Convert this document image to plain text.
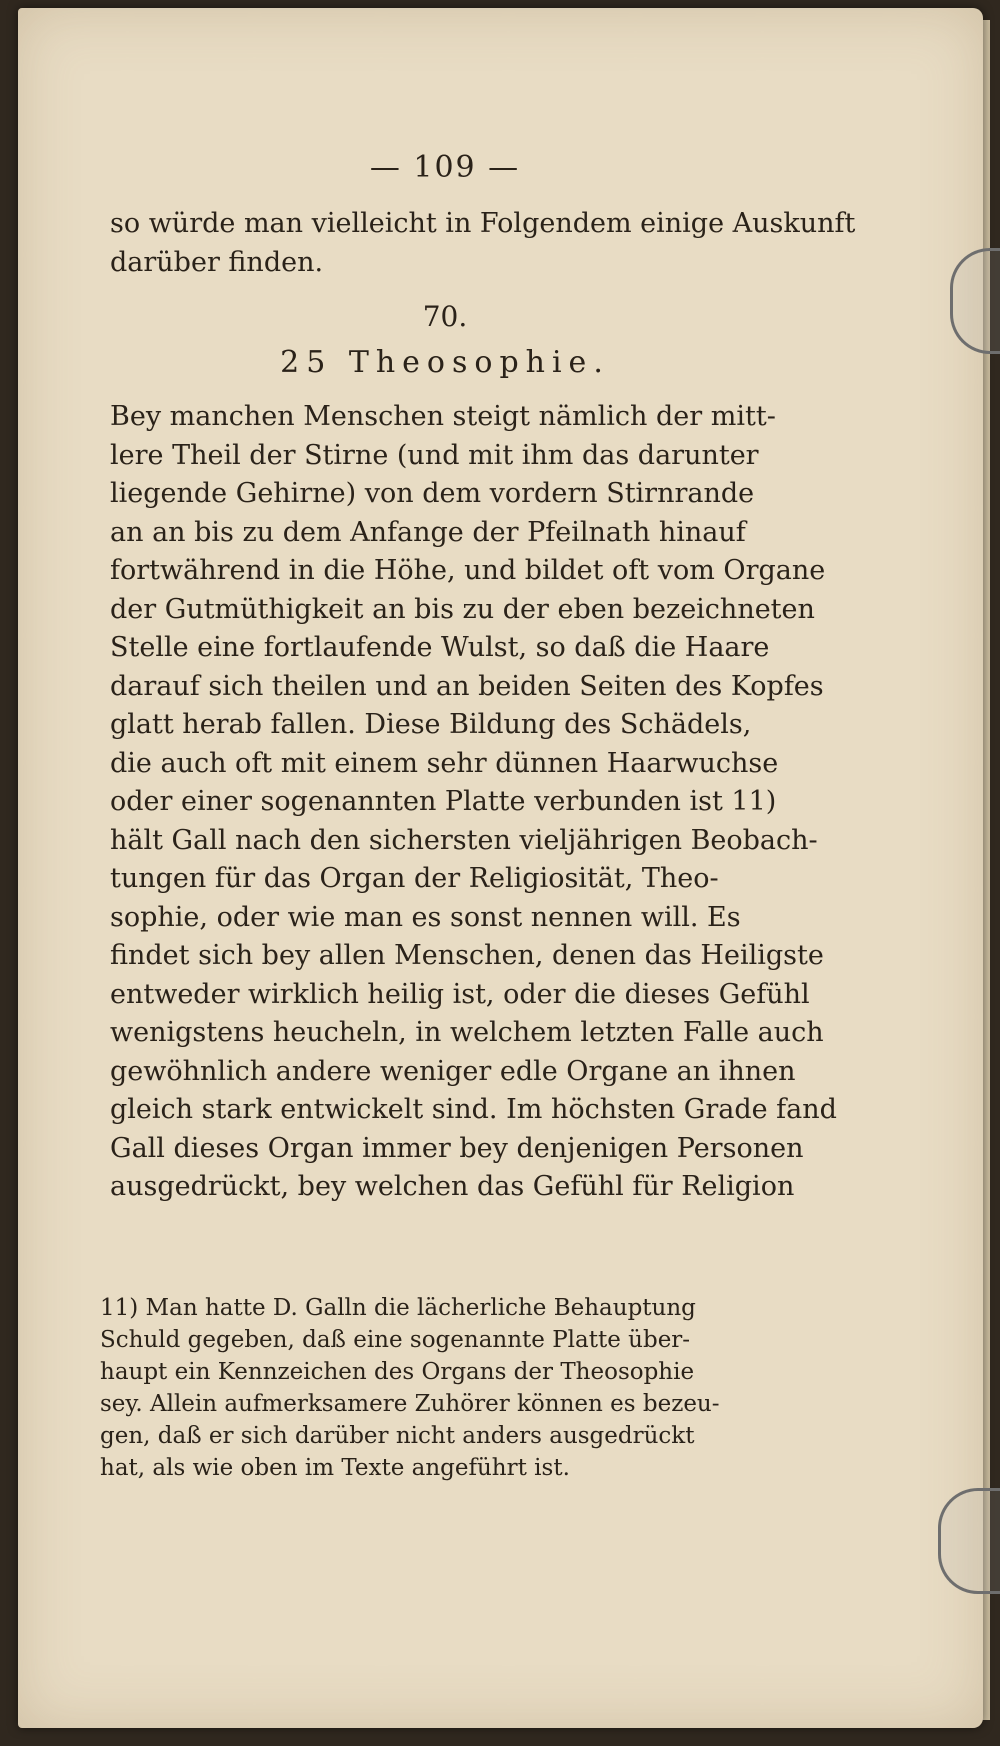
— 109 —
so würde man vielleicht in Folgendem einige Auskunft
darüber finden.
70.
25 Theosophie.
Bey manchen Menschen steigt nämlich der mitt-
lere Theil der Stirne (und mit ihm das darunter
liegende Gehirne) von dem vordern Stirnrande
an an bis zu dem Anfange der Pfeilnath hinauf
fortwährend in die Höhe, und bildet oft vom Organe
der Gutmüthigkeit an bis zu der eben bezeichneten
Stelle eine fortlaufende Wulst, so daß die Haare
darauf sich theilen und an beiden Seiten des Kopfes
glatt herab fallen. Diese Bildung des Schädels,
die auch oft mit einem sehr dünnen Haarwuchse
oder einer sogenannten Platte verbunden ist 11)
hält Gall nach den sichersten vieljährigen Beobach-
tungen für das Organ der Religiosität, Theo-
sophie, oder wie man es sonst nennen will. Es
findet sich bey allen Menschen, denen das Heiligste
entweder wirklich heilig ist, oder die dieses Gefühl
wenigstens heucheln, in welchem letzten Falle auch
gewöhnlich andere weniger edle Organe an ihnen
gleich stark entwickelt sind. Im höchsten Grade fand
Gall dieses Organ immer bey denjenigen Personen
ausgedrückt, bey welchen das Gefühl für Religion
11) Man hatte D. Galln die lächerliche Behauptung
Schuld gegeben, daß eine sogenannte Platte über-
haupt ein Kennzeichen des Organs der Theosophie
sey. Allein aufmerksamere Zuhörer können es bezeu-
gen, daß er sich darüber nicht anders ausgedrückt
hat, als wie oben im Texte angeführt ist.
